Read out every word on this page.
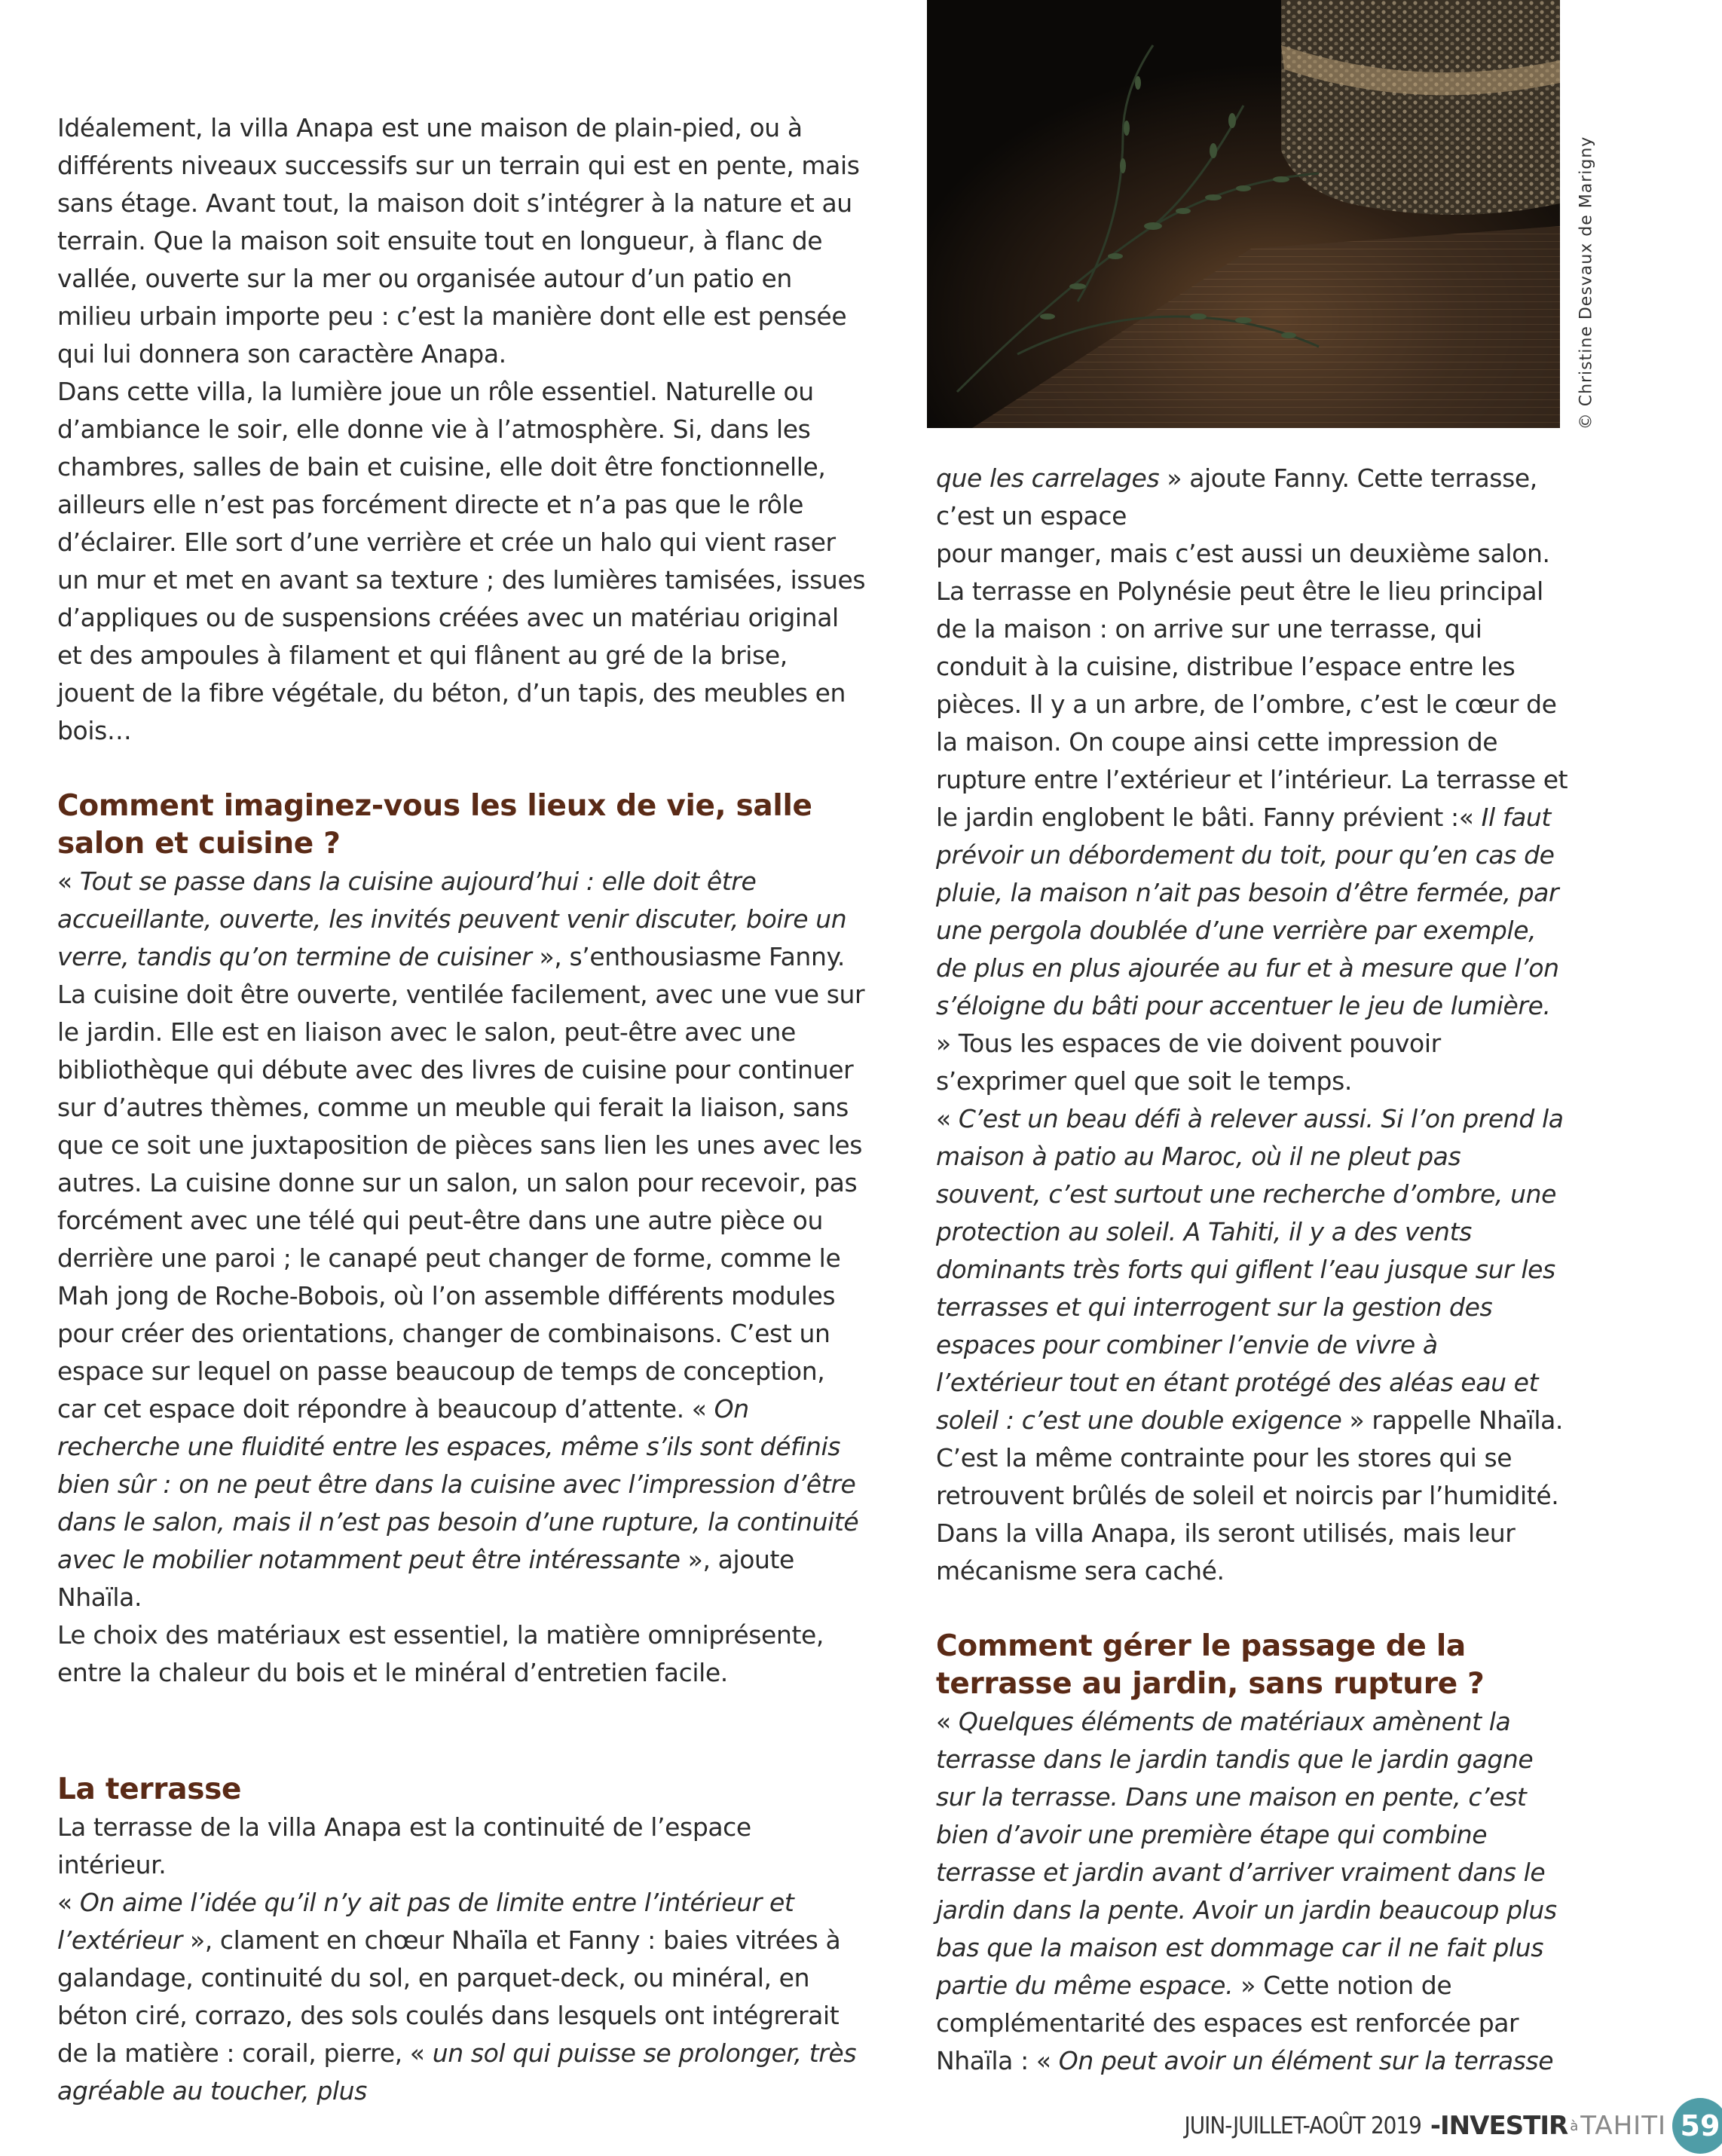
© Christine Desvaux de Marigny

Idéalement, la villa Anapa est une maison de plain-pied, ou à différents niveaux successifs sur un terrain qui est en pente, mais sans étage. Avant tout, la maison doit s’intégrer à la nature et au terrain. Que la maison soit ensuite tout en longueur, à flanc de vallée, ouverte sur la mer ou organisée autour d’un patio en milieu urbain importe peu : c’est la manière dont elle est pensée qui lui donnera son caractère Anapa.

Dans cette villa, la lumière joue un rôle essentiel. Naturelle ou d’ambiance le soir, elle donne vie à l’atmosphère. Si, dans les chambres, salles de bain et cuisine, elle doit être fonctionnelle, ailleurs elle n’est pas forcément directe et n’a pas que le rôle d’éclairer. Elle sort d’une verrière et crée un halo qui vient raser un mur et met en avant sa texture ; des lumières tamisées, issues d’appliques ou de suspensions créées avec un matériau original et des ampoules à filament et qui flânent au gré de la brise, jouent de la fibre végétale, du béton, d’un tapis, des meubles en bois…

Comment imaginez-vous les lieux de vie, salle salon et cuisine ?

« Tout se passe dans la cuisine aujourd’hui : elle doit être accueillante, ouverte, les invités peuvent venir discuter, boire un verre, tandis qu’on termine de cuisiner », s’enthousiasme Fanny. La cuisine doit être ouverte, ventilée facilement, avec une vue sur le jardin. Elle est en liaison avec le salon, peut-être avec une bibliothèque qui débute avec des livres de cuisine pour continuer sur d’autres thèmes, comme un meuble qui ferait la liaison, sans que ce soit une juxtaposition de pièces sans lien les unes avec les autres. La cuisine donne sur un salon, un salon pour recevoir, pas forcément avec une télé qui peut-être dans une autre pièce ou derrière une paroi ; le canapé peut changer de forme, comme le Mah jong de Roche-Bobois, où l’on assemble différents modules pour créer des orientations, changer de combinaisons. C’est un espace sur lequel on passe beaucoup de temps de conception, car cet espace doit répondre à beaucoup d’attente. « On recherche une fluidité entre les espaces, même s’ils sont définis bien sûr : on ne peut être dans la cuisine avec l’impression d’être dans le salon, mais il n’est pas besoin d’une rupture, la continuité avec le mobilier notamment peut être intéressante », ajoute Nhaïla.

Le choix des matériaux est essentiel, la matière omniprésente, entre la chaleur du bois et le minéral d’entretien facile.

La terrasse

La terrasse de la villa Anapa est la continuité de l’espace intérieur.

« On aime l’idée qu’il n’y ait pas de limite entre l’intérieur et l’extérieur », clament en chœur Nhaïla et Fanny : baies vitrées à galandage, continuité du sol, en parquet-deck, ou minéral, en béton ciré, corrazo, des sols coulés dans lesquels ont intégrerait de la matière : corail, pierre, « un sol qui puisse se prolonger, très agréable au toucher, plus

que les carrelages » ajoute Fanny. Cette terrasse, c’est un espace

pour manger, mais c’est aussi un deuxième salon.

La terrasse en Polynésie peut être le lieu principal de la maison : on arrive sur une terrasse, qui conduit à la cuisine, distribue l’espace entre les pièces. Il y a un arbre, de l’ombre, c’est le cœur de la maison. On coupe ainsi cette impression de rupture entre l’extérieur et l’intérieur. La terrasse et le jardin englobent le bâti. Fanny prévient :« Il faut prévoir un débordement du toit, pour qu’en cas de pluie, la maison n’ait pas besoin d’être fermée, par une pergola doublée d’une verrière par exemple, de plus en plus ajourée au fur et à mesure que l’on s’éloigne du bâti pour accentuer le jeu de lumière. » Tous les espaces de vie doivent pouvoir s’exprimer quel que soit le temps.

« C’est un beau défi à relever aussi. Si l’on prend la maison à patio au Maroc, où il ne pleut pas souvent, c’est surtout une recherche d’ombre, une protection au soleil. A Tahiti, il y a des vents dominants très forts qui giflent l’eau jusque sur les terrasses et qui interrogent sur la gestion des espaces pour combiner l’envie de vivre à l’extérieur tout en étant protégé des aléas eau et soleil : c’est une double exigence » rappelle Nhaïla. C’est la même contrainte pour les stores qui se retrouvent brûlés de soleil et noircis par l’humidité. Dans la villa Anapa, ils seront utilisés, mais leur mécanisme sera caché.

Comment gérer le passage de la terrasse au jardin, sans rupture ?

« Quelques éléments de matériaux amènent la terrasse dans le jardin tandis que le jardin gagne sur la terrasse. Dans une maison en pente, c’est bien d’avoir une première étape qui combine terrasse et jardin avant d’arriver vraiment dans le jardin dans la pente. Avoir un jardin beaucoup plus bas que la maison est dommage car il ne fait plus partie du même espace. » Cette notion de complémentarité des espaces est renforcée par Nhaïla : « On peut avoir un élément sur la terrasse

JUIN-JUILLET-AOÛT 2019 - INVESTIR à TAHITI 59
